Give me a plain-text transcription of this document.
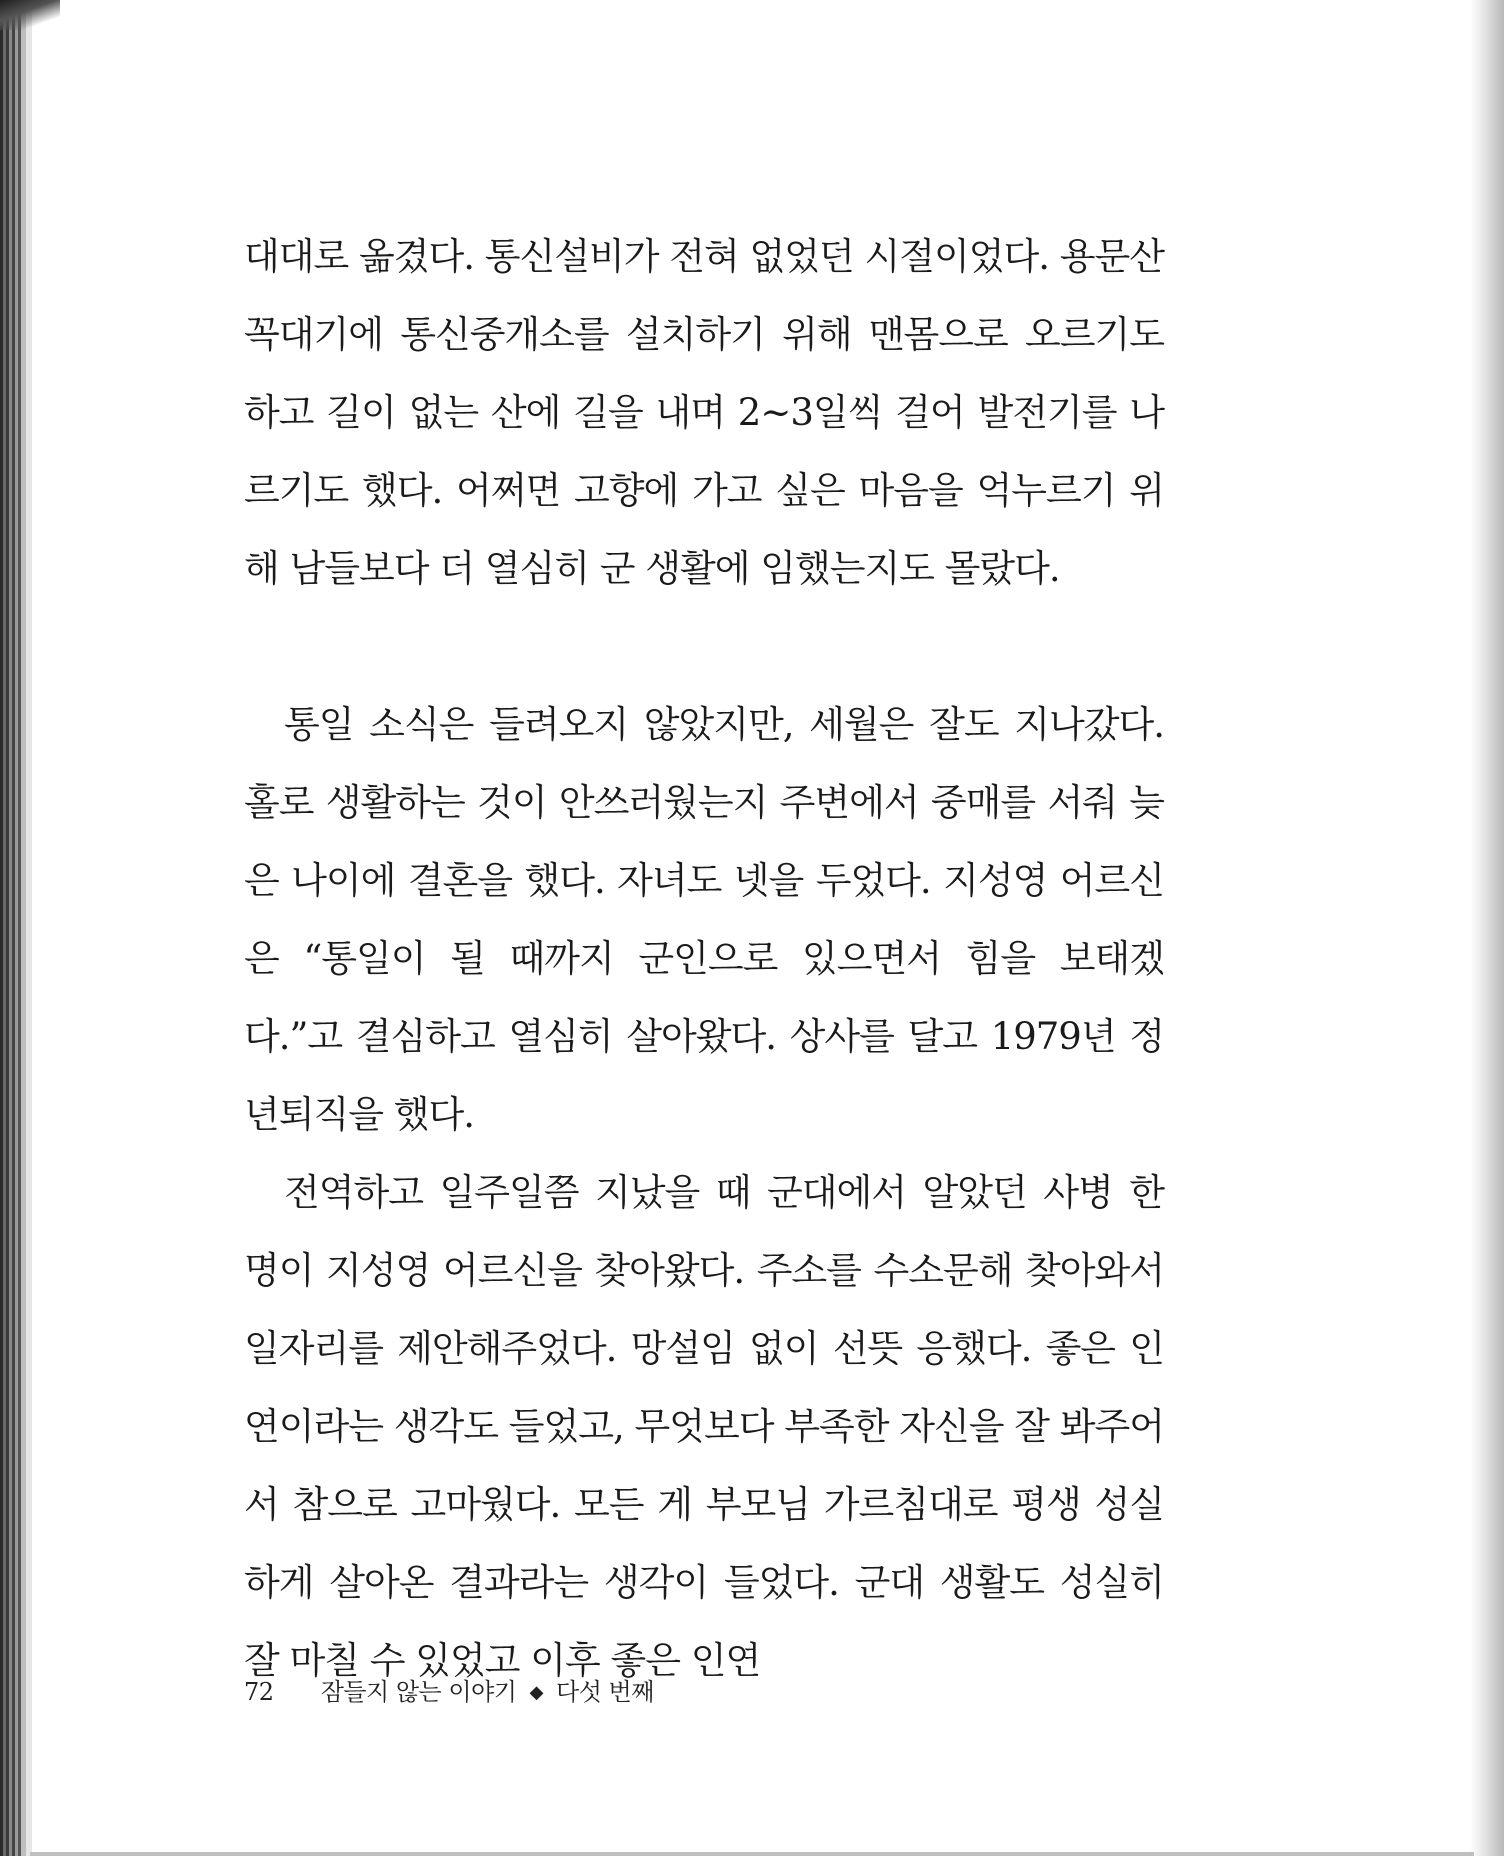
대대로 옮겼다. 통신설비가 전혀 없었던 시절이었다. 용문산 꼭대기에 통신중개소를 설치하기 위해 맨몸으로 오르기도 하고 길이 없는 산에 길을 내며 2~3일씩 걸어 발전기를 나르기도 했다. 어쩌면 고향에 가고 싶은 마음을 억누르기 위해 남들보다 더 열심히 군 생활에 임했는지도 몰랐다.

통일 소식은 들려오지 않았지만, 세월은 잘도 지나갔다. 홀로 생활하는 것이 안쓰러웠는지 주변에서 중매를 서줘 늦은 나이에 결혼을 했다. 자녀도 넷을 두었다. 지성영 어르신은 “통일이 될 때까지 군인으로 있으면서 힘을 보태겠다.”고 결심하고 열심히 살아왔다. 상사를 달고 1979년 정년퇴직을 했다.

전역하고 일주일쯤 지났을 때 군대에서 알았던 사병 한 명이 지성영 어르신을 찾아왔다. 주소를 수소문해 찾아와서 일자리를 제안해주었다. 망설임 없이 선뜻 응했다. 좋은 인연이라는 생각도 들었고, 무엇보다 부족한 자신을 잘 봐주어서 참으로 고마웠다. 모든 게 부모님 가르침대로 평생 성실하게 살아온 결과라는 생각이 들었다. 군대 생활도 성실히 잘 마칠 수 있었고 이후 좋은 인연

72 잠들지 않는 이야기 ◆ 다섯 번째
